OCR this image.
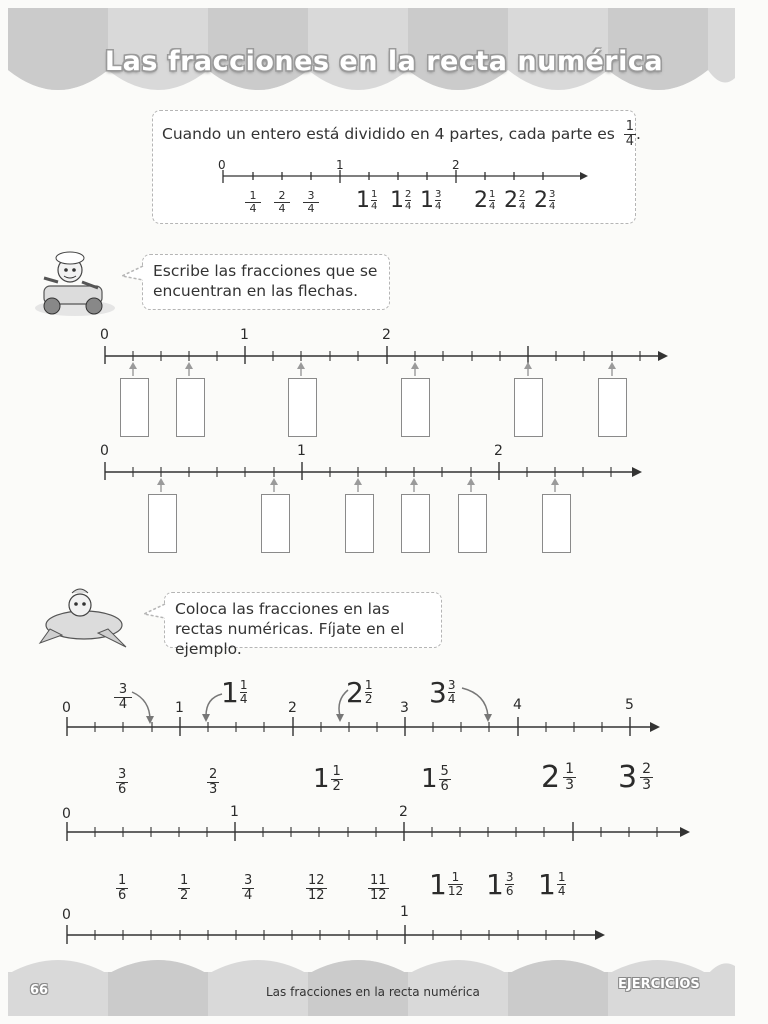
Las fracciones en la recta numérica
Cuando un entero está dividido en 4 partes, cada parte es $\frac{1}{4}$ .
0	1	2
1
4
2
4
3
4 1 1
4 1 2
4 1 3
4 2 1
4 2 2
4 2 3
4
Escribe las fracciones que se encuentran en las flechas.
0	1	2
0	1	2
Coloca las fracciones en las rectas numéricas. Fíjate en el ejemplo.
0	1	2	3	4	5
3
4	1 1
4	2 1
2 3 3
4
3
6
2
3	1 1
2	1 5
6	2 1
3 3 2
3
0	1	2
1
6
1
2
3
4
12
12
11
12 1 1
12 1 3
6 1 1
4
0	1
66	Las fracciones en la recta numérica	EJERCICIOS
